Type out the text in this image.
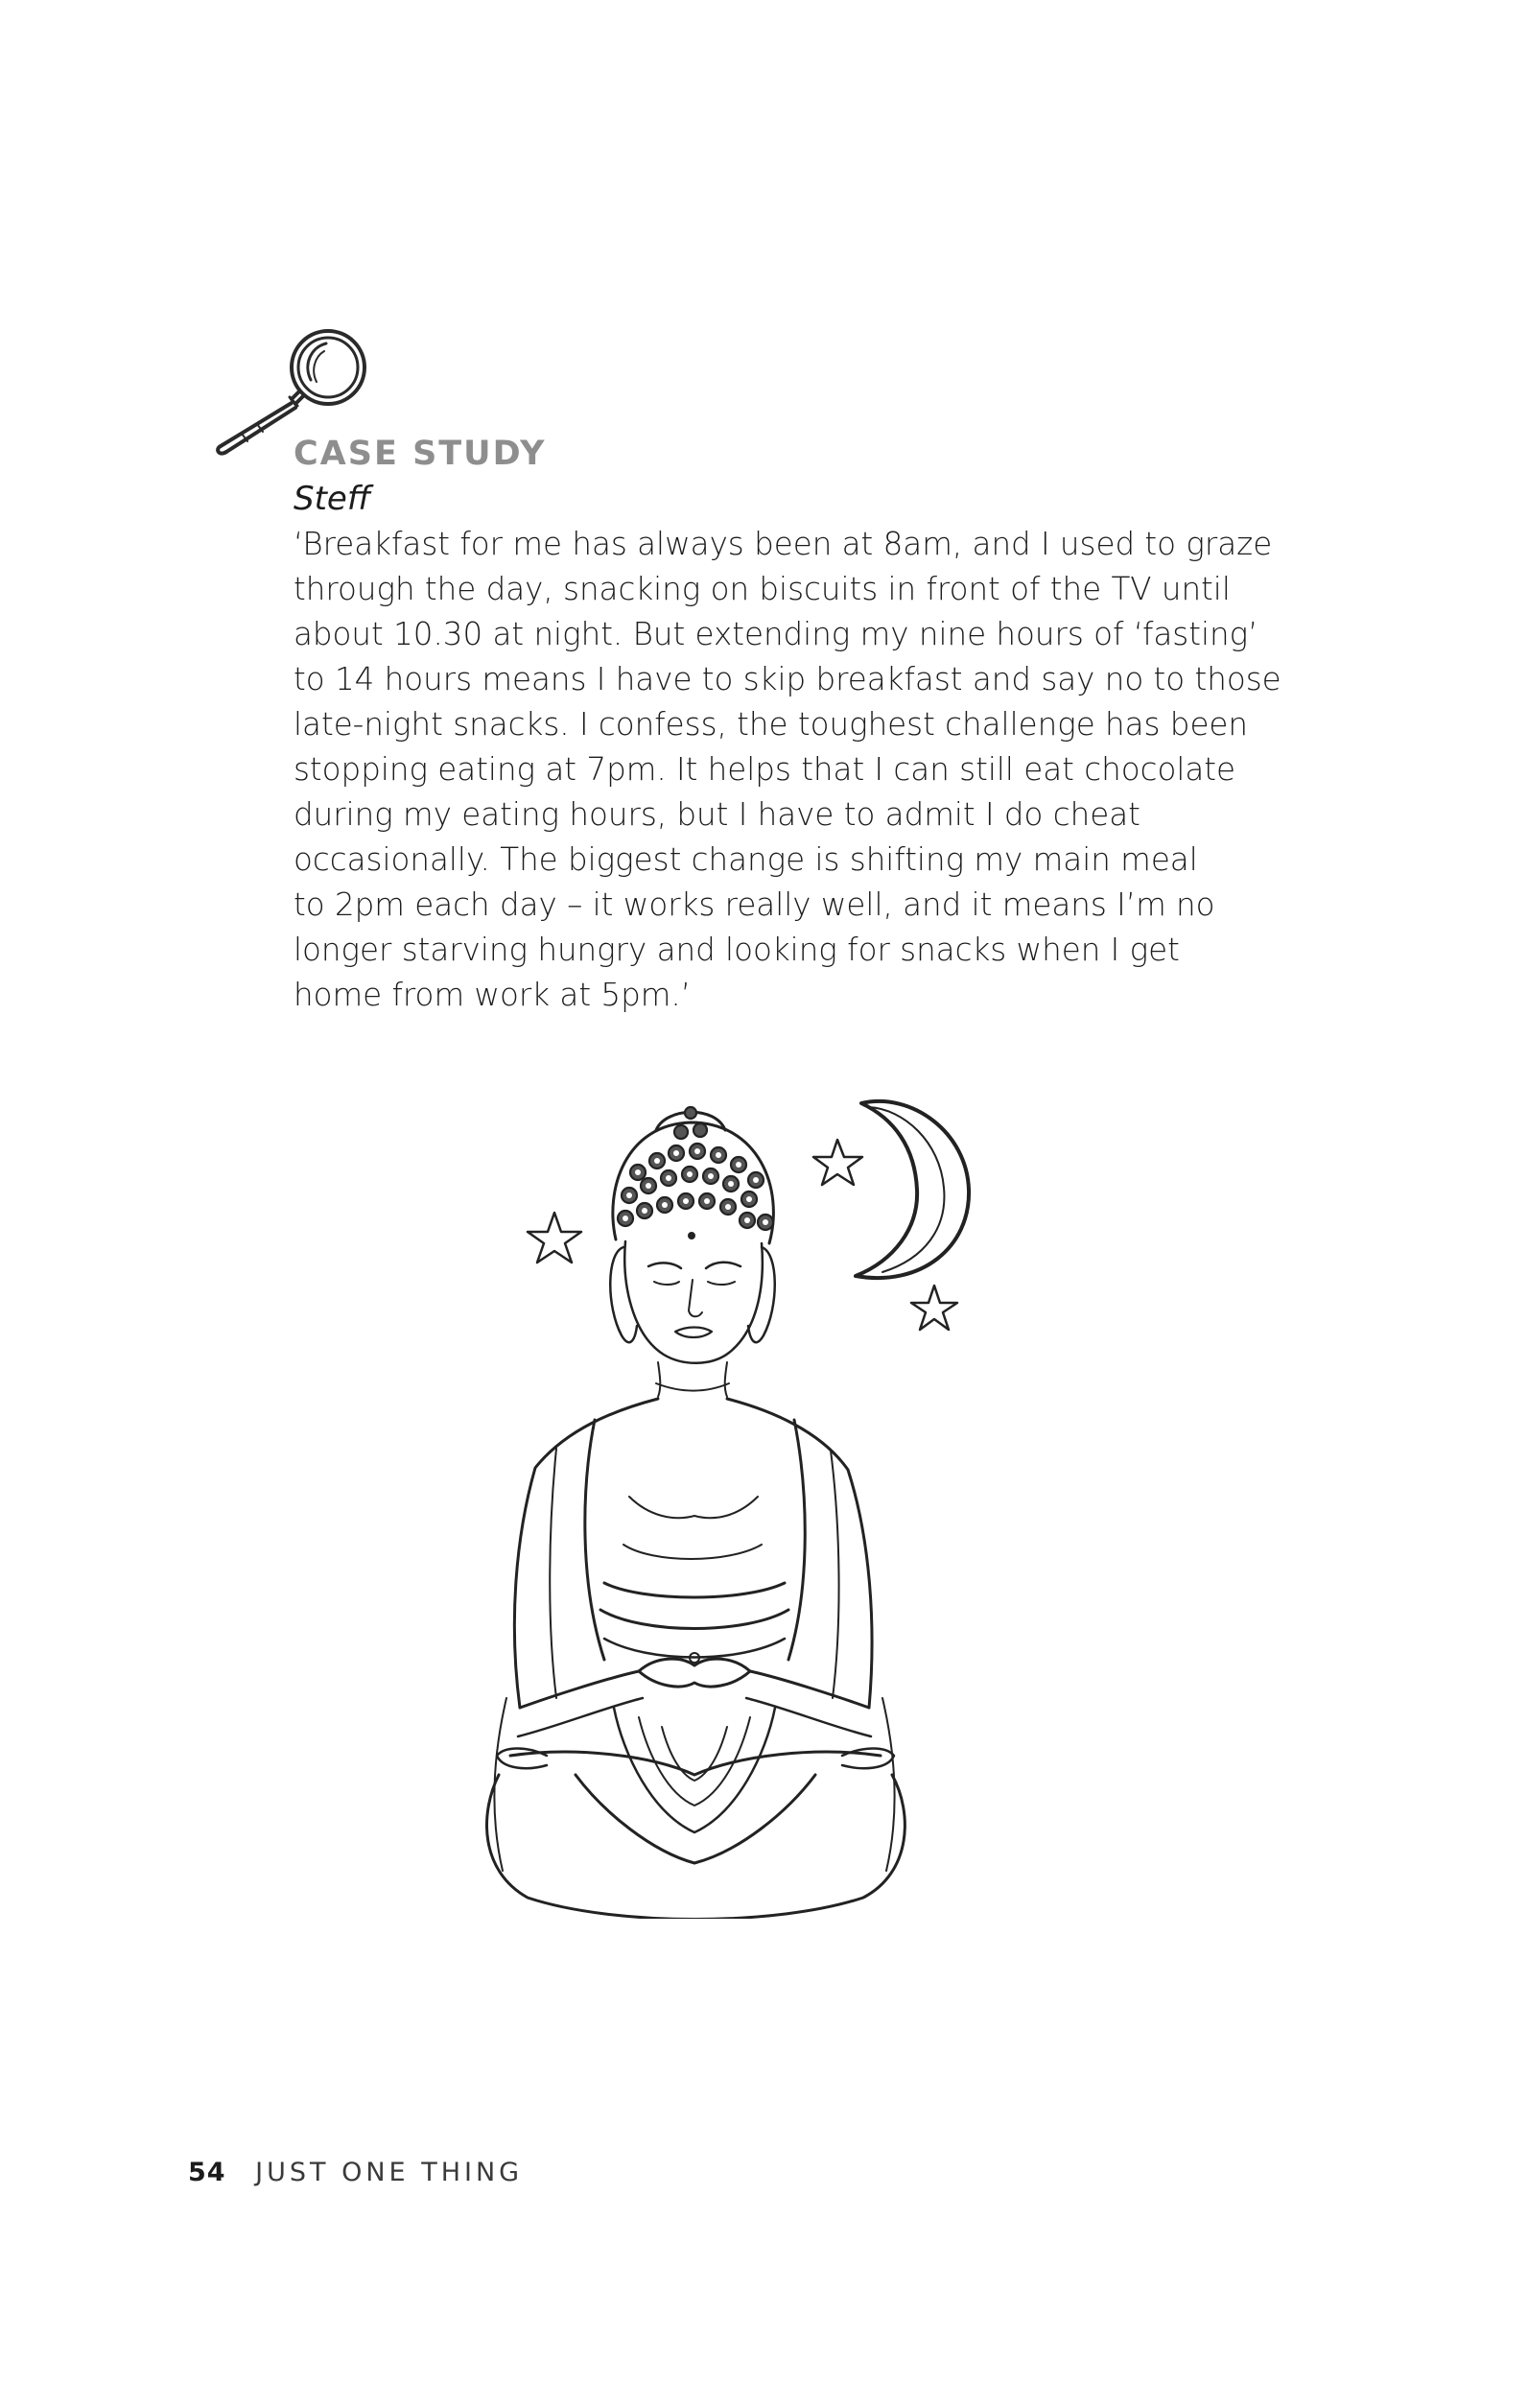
CASE STUDY

Steff

‘Breakfast for me has always been at 8am, and I used to graze
through the day, snacking on biscuits in front of the TV until
about 10.30 at night. But extending my nine hours of ‘fasting’
to 14 hours means I have to skip breakfast and say no to those
late-night snacks. I confess, the toughest challenge has been
stopping eating at 7pm. It helps that I can still eat chocolate
during my eating hours, but I have to admit I do cheat
occasionally. The biggest change is shifting my main meal
to 2pm each day – it works really well, and it means I’m no
longer starving hungry and looking for snacks when I get
home from work at 5pm.’

54 JUST ONE THING
